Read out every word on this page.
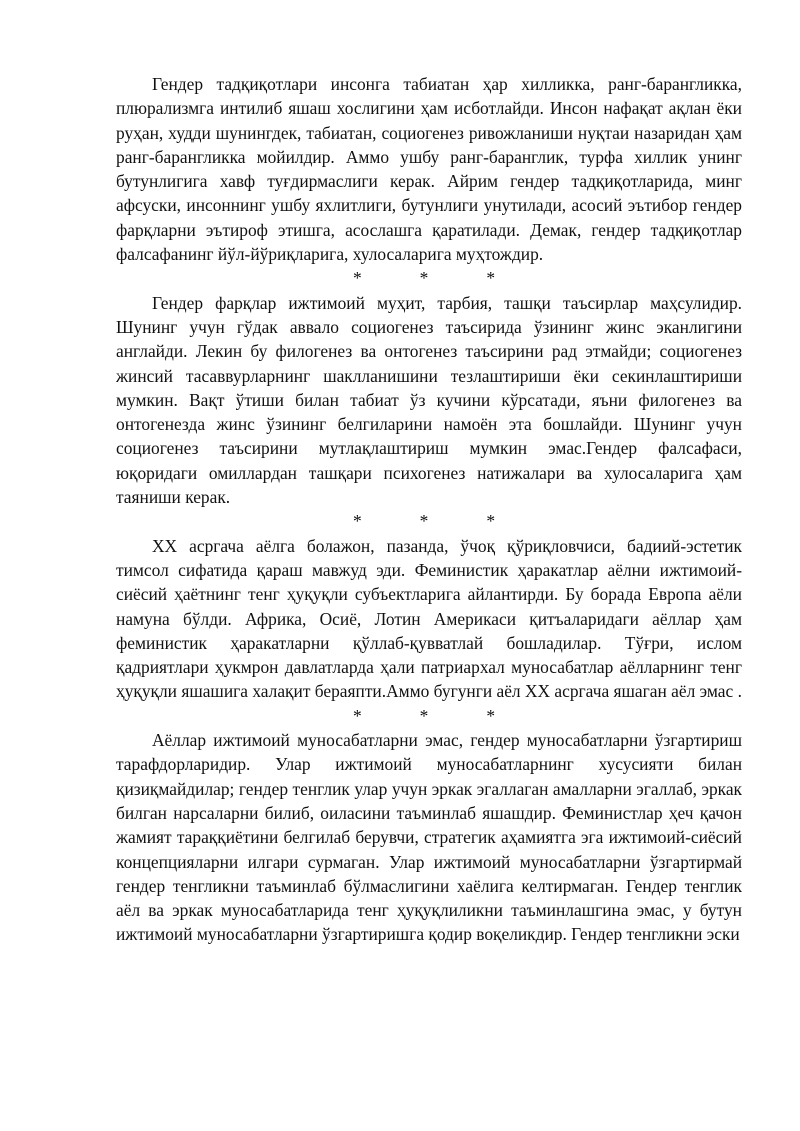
Гендер тадқиқотлари инсонга табиатан ҳар хилликка, ранг-барангликка, плюрализмга интилиб яшаш хослигини ҳам исботлайди. Инсон нафақат ақлан ёки руҳан, худди шунингдек, табиатан, социогенез ривожланиши нуқтаи назаридан ҳам ранг-барангликка мойилдир. Аммо ушбу ранг-баранглик, турфа хиллик унинг бутунлигига хавф туғдирмаслиги керак. Айрим гендер тадқиқотларида, минг афсуски, инсоннинг ушбу яхлитлиги, бутунлиги унутилади, асосий эътибор гендер фарқларни эътироф этишга, асослашга қаратилади. Демак, гендер тадқиқотлар фалсафанинг йўл-йўриқларига, хулосаларига муҳтождир.

*	*	*

Гендер фарқлар ижтимоий муҳит, тарбия, ташқи таъсирлар маҳсулидир. Шунинг учун гўдак аввало социогенез таъсирида ўзининг жинс эканлигини англайди. Лекин бу филогенез ва онтогенез таъсирини рад этмайди; социогенез жинсий тасаввурларнинг шаклланишини тезлаштириши ёки секинлаштириши мумкин. Вақт ўтиши билан табиат ўз кучини кўрсатади, яъни филогенез ва онтогенезда жинс ўзининг белгиларини намоён эта бошлайди. Шунинг учун социогенез таъсирини мутлақлаштириш мумкин эмас.Гендер фалсафаси, юқоридаги омиллардан ташқари психогенез натижалари ва хулосаларига ҳам таяниши керак.

*	*	*

XX асргача аёлга болажон, пазанда, ўчоқ қўриқловчиси, бадиий-эстетик тимсол сифатида қараш мавжуд эди. Феминистик ҳаракатлар аёлни ижтимоий-сиёсий ҳаётнинг тенг ҳуқуқли субъектларига айлантирди. Бу борада Европа аёли намуна бўлди. Африка, Осиё, Лотин Америкаси қитъаларидаги аёллар ҳам феминистик ҳаракатларни қўллаб-қувватлай бошладилар. Тўғри, ислом қадриятлари ҳукмрон давлатларда ҳали патриархал муносабатлар аёлларнинг тенг ҳуқуқли яшашига халақит бераяпти.Аммо бугунги аёл XX асргача яшаган аёл эмас .

*	*	*

Аёллар ижтимоий муносабатларни эмас, гендер муносабатларни ўзгартириш тарафдорларидир. Улар ижтимоий муносабатларнинг хусусияти билан қизиқмайдилар; гендер тенглик улар учун эркак эгаллаган амалларни эгаллаб, эркак билган нарсаларни билиб, оиласини таъминлаб яшашдир. Феминистлар ҳеч қачон жамият тараққиётини белгилаб берувчи, стратегик аҳамиятга эга ижтимоий-сиёсий концепцияларни илгари сурмаган. Улар ижтимоий муносабатларни ўзгартирмай гендер тенгликни таъминлаб бўлмаслигини хаёлига келтирмаган. Гендер тенглик аёл ва эркак муносабатларида тенг ҳуқуқлиликни таъминлашгина эмас, у бутун ижтимоий муносабатларни ўзгартиришга қодир воқеликдир. Гендер тенгликни эски
